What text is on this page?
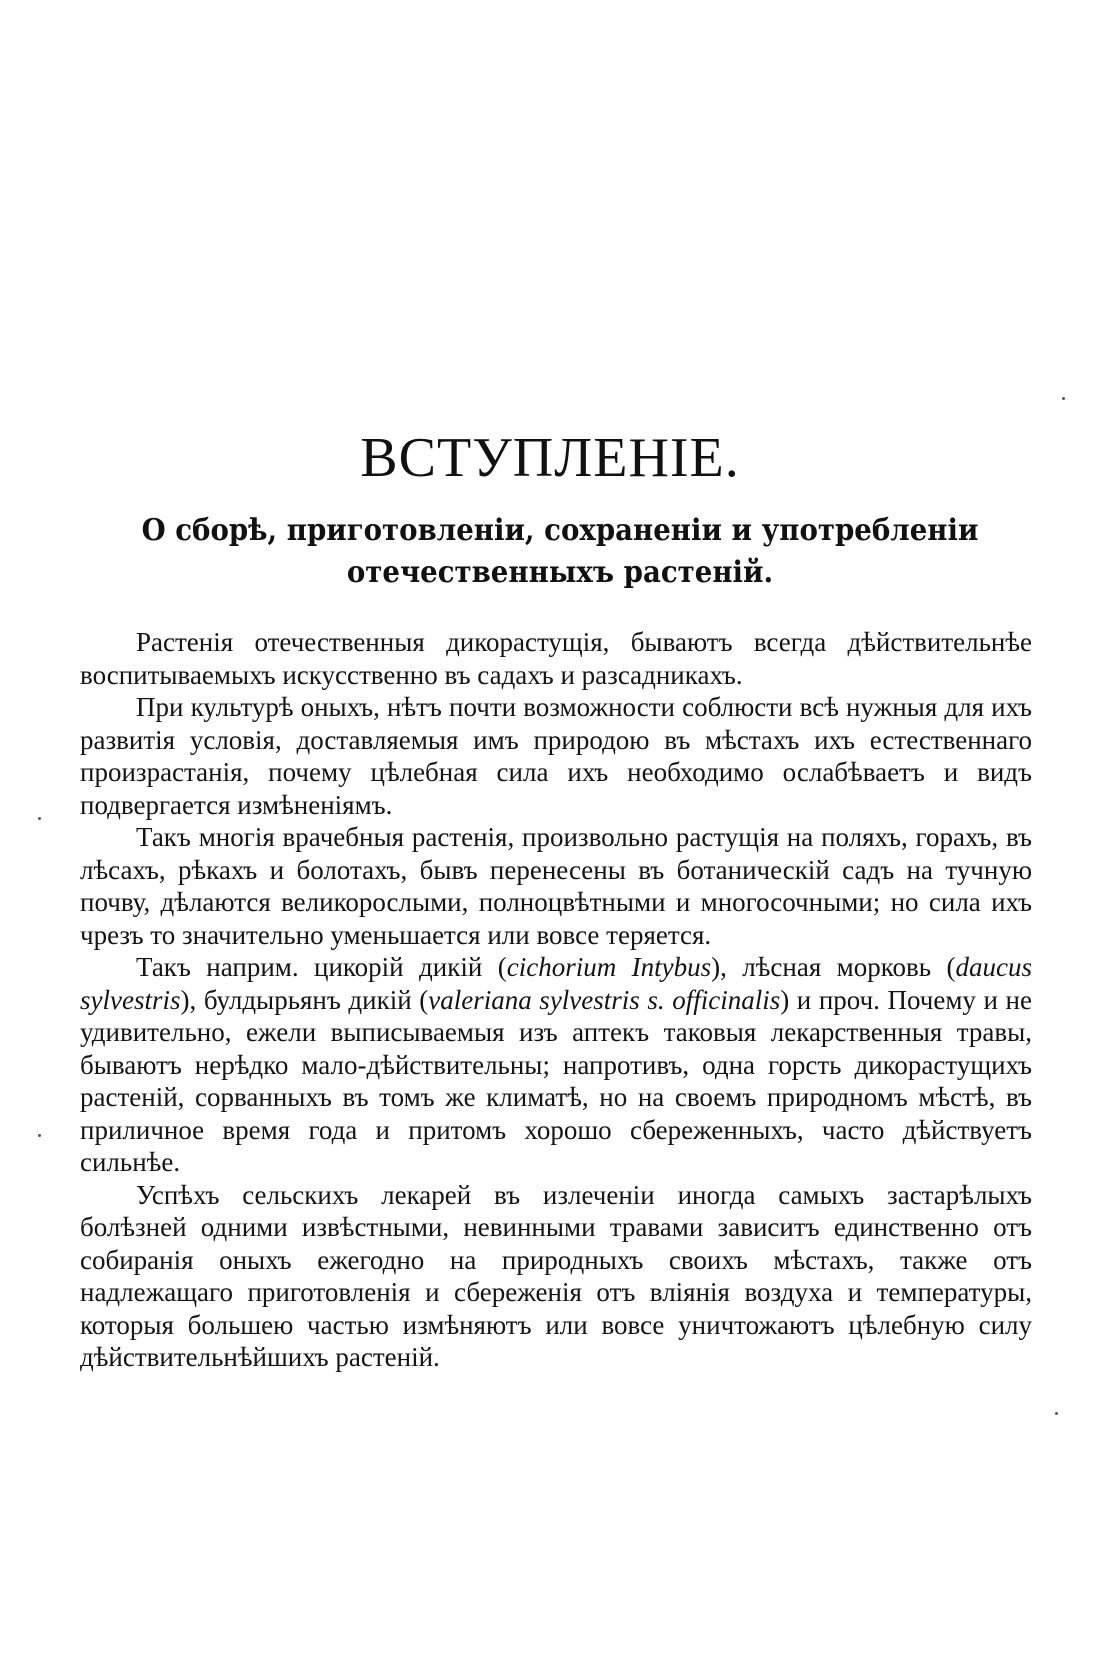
ВСТУПЛЕНІЕ.
О сборѣ, приготовленіи, сохраненіи и употребленіи отечественныхъ растеній.

Растенія отечественныя дикорастущія, бываютъ всегда дѣйствительнѣе воспитываемыхъ искусственно въ садахъ и разсадникахъ.

При культурѣ оныхъ, нѣтъ почти возможности соблюсти всѣ нужныя для ихъ развитія условія, доставляемыя имъ природою въ мѣстахъ ихъ естественнаго произрастанія, почему цѣлебная сила ихъ необходимо ослабѣваетъ и видъ подвергается измѣненіямъ.

Такъ многія врачебныя растенія, произвольно растущія на поляхъ, горахъ, въ лѣсахъ, рѣкахъ и болотахъ, бывъ перенесены въ ботаническій садъ на тучную почву, дѣлаются великорослыми, полноцвѣтными и многосочными; но сила ихъ чрезъ то значительно уменьшается или вовсе теряется.

Такъ наприм. цикорій дикій (cichorium Intybus), лѣсная морковь (daucus sylvestris), булдырьянъ дикій (valeriana sylvestris s. officinalis) и проч. Почему и не удивительно, ежели выписываемыя изъ аптекъ таковыя лекарственныя травы, бываютъ нерѣдко мало-дѣйствительны; напротивъ, одна горсть дикорастущихъ растеній, сорванныхъ въ томъ же климатѣ, но на своемъ природномъ мѣстѣ, въ приличное время года и притомъ хорошо сбереженныхъ, часто дѣйствуетъ сильнѣе.

Успѣхъ сельскихъ лекарей въ излеченіи иногда самыхъ застарѣлыхъ болѣзней одними извѣстными, невинными травами зависитъ единственно отъ собиранія оныхъ ежегодно на природныхъ своихъ мѣстахъ, также отъ надлежащаго приготовленія и сбереженія отъ вліянія воздуха и температуры, которыя большею частью измѣняютъ или вовсе уничтожаютъ цѣлебную силу дѣйствительнѣйшихъ растеній.
